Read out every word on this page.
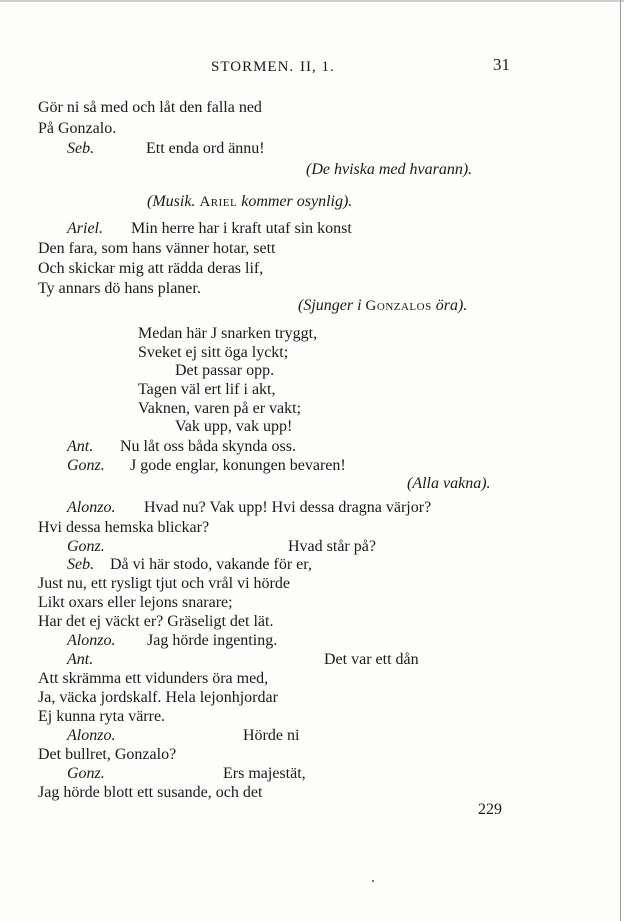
STORMEN. II, 1.	31
Gör ni så med och låt den falla ned
På Gonzalo.
Seb.	Ett enda ord ännu!
(De hviska med hvarann).
(Musik. Ariel kommer osynlig).
Ariel. Min herre har i kraft utaf sin konst
Den fara, som hans vänner hotar, sett
Och skickar mig att rädda deras lif,
Ty annars dö hans planer.
(Sjunger i Gonzalos öra).
Medan här J snarken tryggt,
Sveket ej sitt öga lyckt;
Det passar opp.
Tagen väl ert lif i akt,
Vaknen, varen på er vakt;
Vak upp, vak upp!
Ant. Nu låt oss båda skynda oss.
Gonz. J gode englar, konungen bevaren!
(Alla vakna).
Alonzo. Hvad nu? Vak upp! Hvi dessa dragna värjor?
Hvi dessa hemska blickar?
Gonz.	Hvad står på?
Seb. Då vi här stodo, vakande för er,
Just nu, ett rysligt tjut och vrål vi hörde
Likt oxars eller lejons snarare;
Har det ej väckt er? Gräseligt det lät.
Alonzo. Jag hörde ingenting.
Ant.	Det var ett dån
Att skrämma ett vidunders öra med,
Ja, väcka jordskalf. Hela lejonhjordar
Ej kunna ryta värre.
Alonzo.	Hörde ni
Det bullret, Gonzalo?
Gonz.	Ers majestät,
Jag hörde blott ett susande, och det
229
